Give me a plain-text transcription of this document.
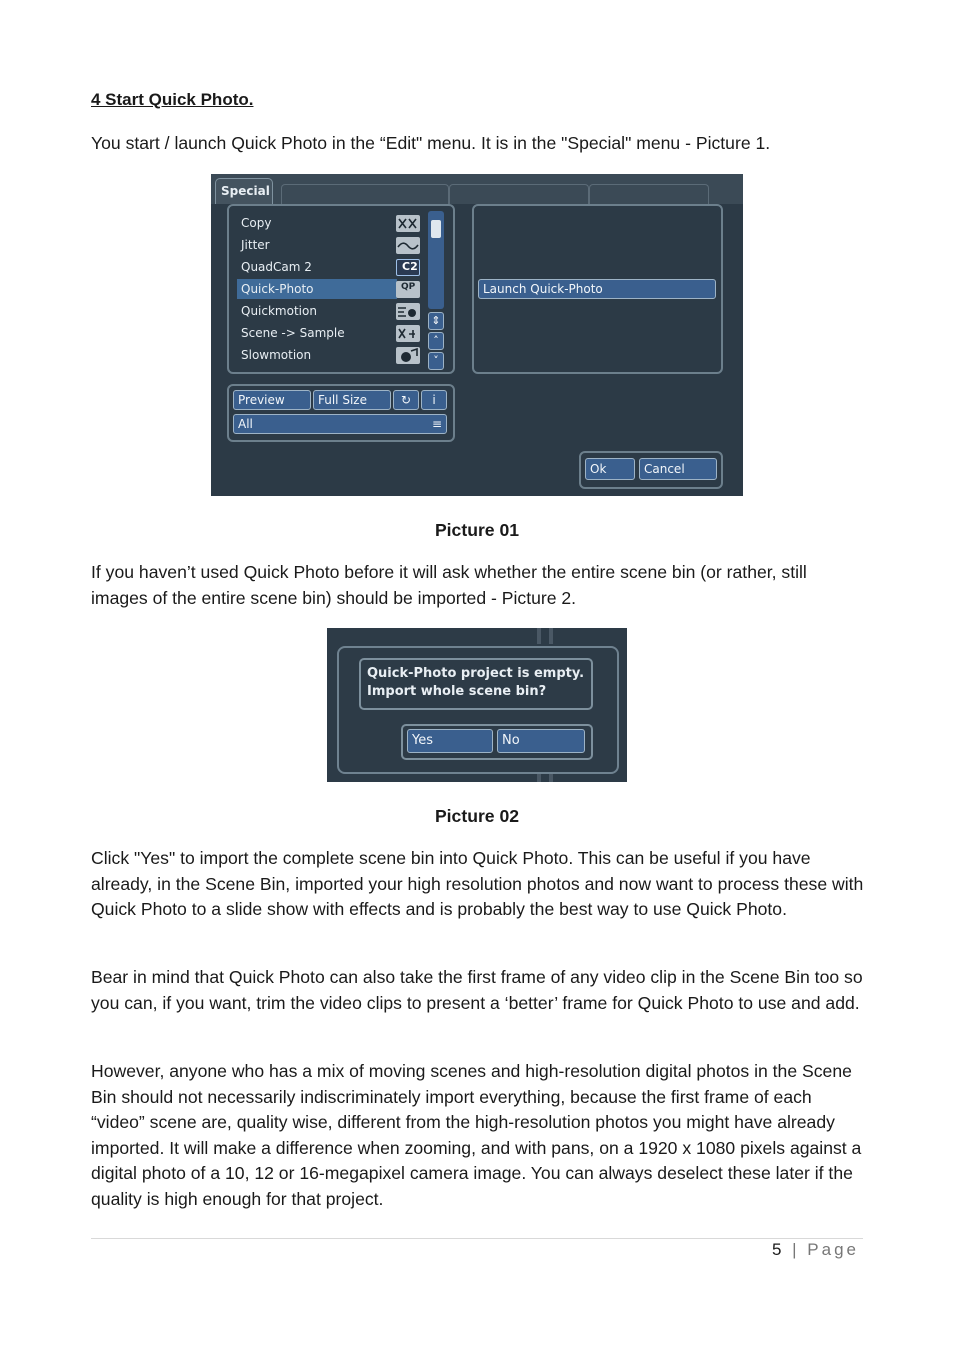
4 Start Quick Photo.
You start / launch Quick Photo in the “Edit" menu. It is in the "Special" menu - Picture 1.
Special
Copy
Jitter
QuadCam 2
Quick-Photo
Quickmotion
Scene -> Sample
Slowmotion
C2
QP
⇕
˄
˅
Launch Quick-Photo
Preview	Full Size	↻	i
All	≡
Ok	Cancel
Picture 01
If you haven’t used Quick Photo before it will ask whether the entire scene bin (or rather, still images of the entire scene bin) should be imported - Picture 2.
Quick-Photo project is empty.
Import whole scene bin?
Yes	No
Picture 02
Click "Yes" to import the complete scene bin into Quick Photo. This can be useful if you have already, in the Scene Bin, imported your high resolution photos and now want to process these with Quick Photo to a slide show with effects and is probably the best way to use Quick Photo.
Bear in mind that Quick Photo can also take the first frame of any video clip in the Scene Bin too so you can, if you want, trim the video clips to present a ‘better’ frame for Quick Photo to use and add.
However, anyone who has a mix of moving scenes and high-resolution digital photos in the Scene Bin should not necessarily indiscriminately import everything, because the first frame of each “video” scene are, quality wise, different from the high-resolution photos you might have already imported. It will make a difference when zooming, and with pans, on a 1920 x 1080 pixels against a digital photo of a 10, 12 or 16-megapixel camera image. You can always deselect these later if the quality is high enough for that project.
5 | Page
